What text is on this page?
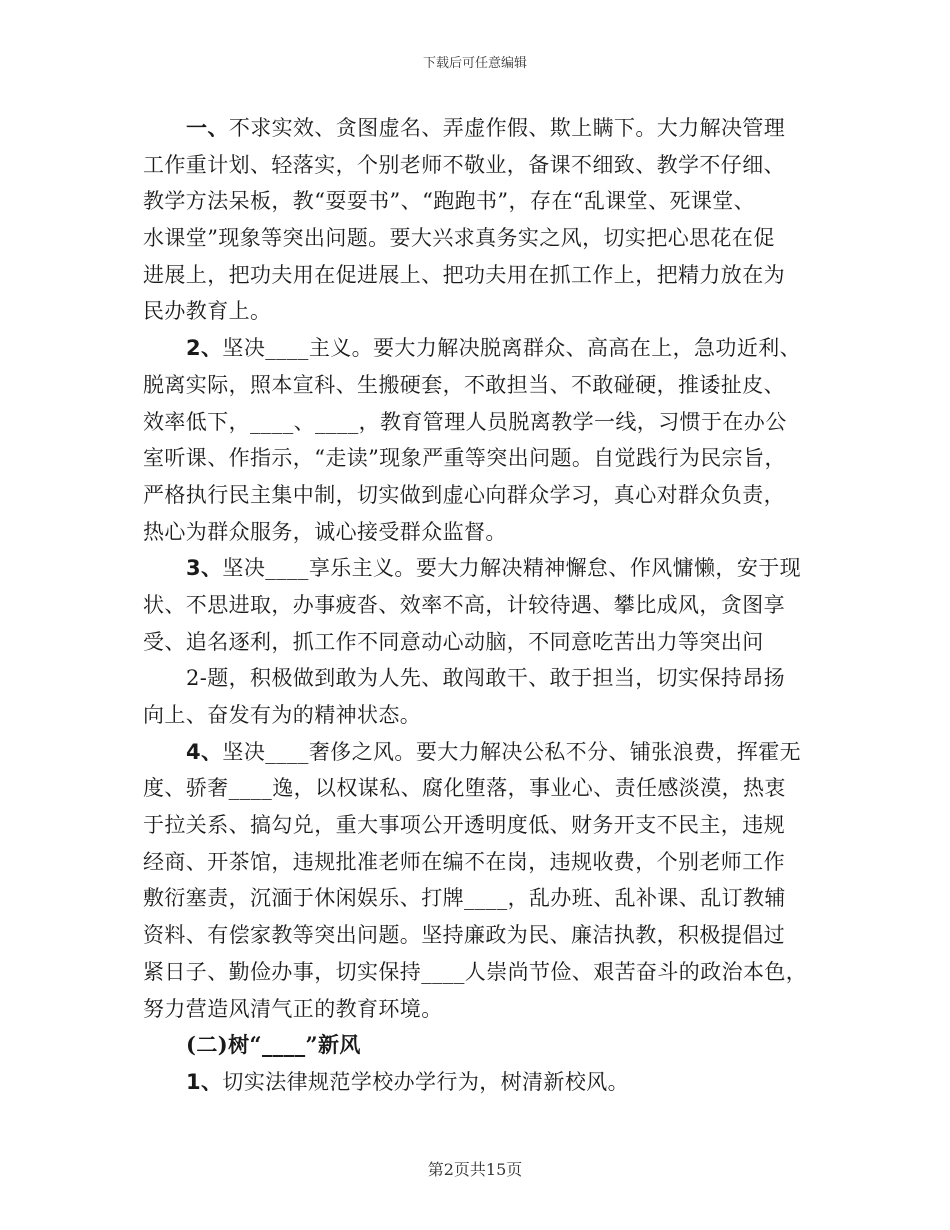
下载后可任意编辑
一、不求实效、贪图虚名、弄虚作假、欺上瞒下。大力解决管理
工作重计划、轻落实，个别老师不敬业，备课不细致、教学不仔细、
教学方法呆板，教“耍耍书”、“跑跑书”，存在“乱课堂、死课堂、
水课堂”现象等突出问题。要大兴求真务实之风，切实把心思花在促
进展上，把功夫用在促进展上、把功夫用在抓工作上，把精力放在为
民办教育上。
2、坚决____主义。要大力解决脱离群众、高高在上，急功近利、
脱离实际，照本宣科、生搬硬套，不敢担当、不敢碰硬，推诿扯皮、
效率低下，____、____，教育管理人员脱离教学一线，习惯于在办公
室听课、作指示，“走读”现象严重等突出问题。自觉践行为民宗旨，
严格执行民主集中制，切实做到虚心向群众学习，真心对群众负责，
热心为群众服务，诚心接受群众监督。
3、坚决____享乐主义。要大力解决精神懈怠、作风慵懒，安于现
状、不思进取，办事疲沓、效率不高，计较待遇、攀比成风，贪图享
受、追名逐利，抓工作不同意动心动脑，不同意吃苦出力等突出问
2-题，积极做到敢为人先、敢闯敢干、敢于担当，切实保持昂扬
向上、奋发有为的精神状态。
4、坚决____奢侈之风。要大力解决公私不分、铺张浪费，挥霍无
度、骄奢____逸，以权谋私、腐化堕落，事业心、责任感淡漠，热衷
于拉关系、搞勾兑，重大事项公开透明度低、财务开支不民主，违规
经商、开茶馆，违规批准老师在编不在岗，违规收费，个别老师工作
敷衍塞责，沉湎于休闲娱乐、打牌____，乱办班、乱补课、乱订教辅
资料、有偿家教等突出问题。坚持廉政为民、廉洁执教，积极提倡过
紧日子、勤俭办事，切实保持____人崇尚节俭、艰苦奋斗的政治本色，
努力营造风清气正的教育环境。
(二)树“____”新风
1、切实法律规范学校办学行为，树清新校风。
第2页共15页
